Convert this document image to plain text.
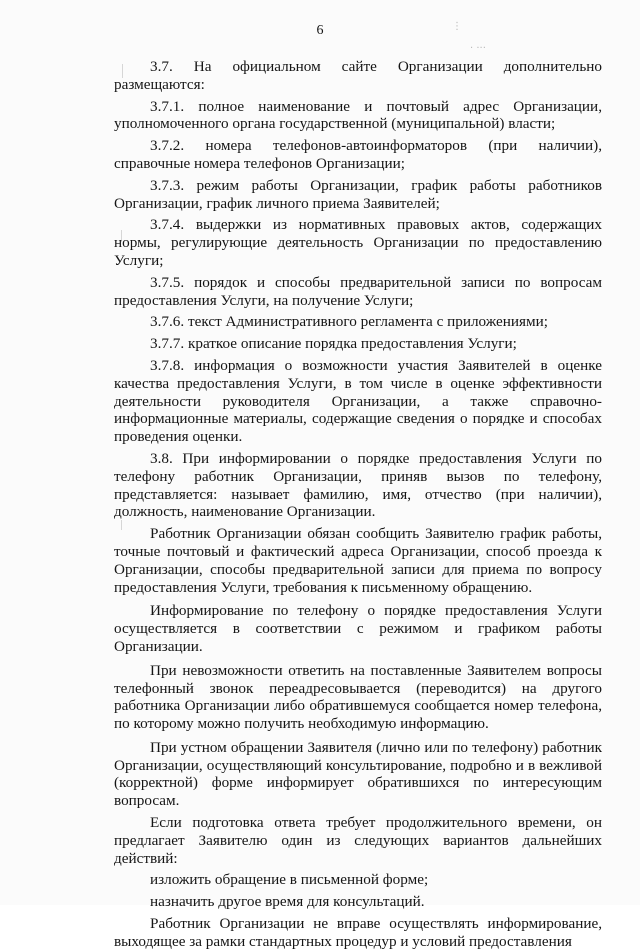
6	⋮
· ···

3.7. На официальном сайте Организации дополнительно размещаются:

3.7.1. полное наименование и почтовый адрес Организации, уполномоченного органа государственной (муниципальной) власти;

3.7.2. номера телефонов-автоинформаторов (при наличии), справочные номера телефонов Организации;

3.7.3. режим работы Организации, график работы работников Организации, график личного приема Заявителей;

3.7.4. выдержки из нормативных правовых актов, содержащих нормы, регулирующие деятельность Организации по предоставлению Услуги;

3.7.5. порядок и способы предварительной записи по вопросам предоставления Услуги, на получение Услуги;

3.7.6. текст Административного регламента с приложениями;

3.7.7. краткое описание порядка предоставления Услуги;

3.7.8. информация о возможности участия Заявителей в оценке качества предоставления Услуги, в том числе в оценке эффективности деятельности руководителя Организации, а также справочно-информационные материалы, содержащие сведения о порядке и способах проведения оценки.

3.8. При информировании о порядке предоставления Услуги по телефону работник Организации, приняв вызов по телефону, представляется: называет фамилию, имя, отчество (при наличии), должность, наименование Организации.

Работник Организации обязан сообщить Заявителю график работы, точные почтовый и фактический адреса Организации, способ проезда к Организации, способы предварительной записи для приема по вопросу предоставления Услуги, требования к письменному обращению.

Информирование по телефону о порядке предоставления Услуги осуществляется в соответствии с режимом и графиком работы Организации.

При невозможности ответить на поставленные Заявителем вопросы телефонный звонок переадресовывается (переводится) на другого работника Организации либо обратившемуся сообщается номер телефона, по которому можно получить необходимую информацию.

При устном обращении Заявителя (лично или по телефону) работник Организации, осуществляющий консультирование, подробно и в вежливой (корректной) форме информирует обратившихся по интересующим вопросам.

Если подготовка ответа требует продолжительного времени, он предлагает Заявителю один из следующих вариантов дальнейших действий:

изложить обращение в письменной форме;

назначить другое время для консультаций.

Работник Организации не вправе осуществлять информирование, выходящее за рамки стандартных процедур и условий предоставления
